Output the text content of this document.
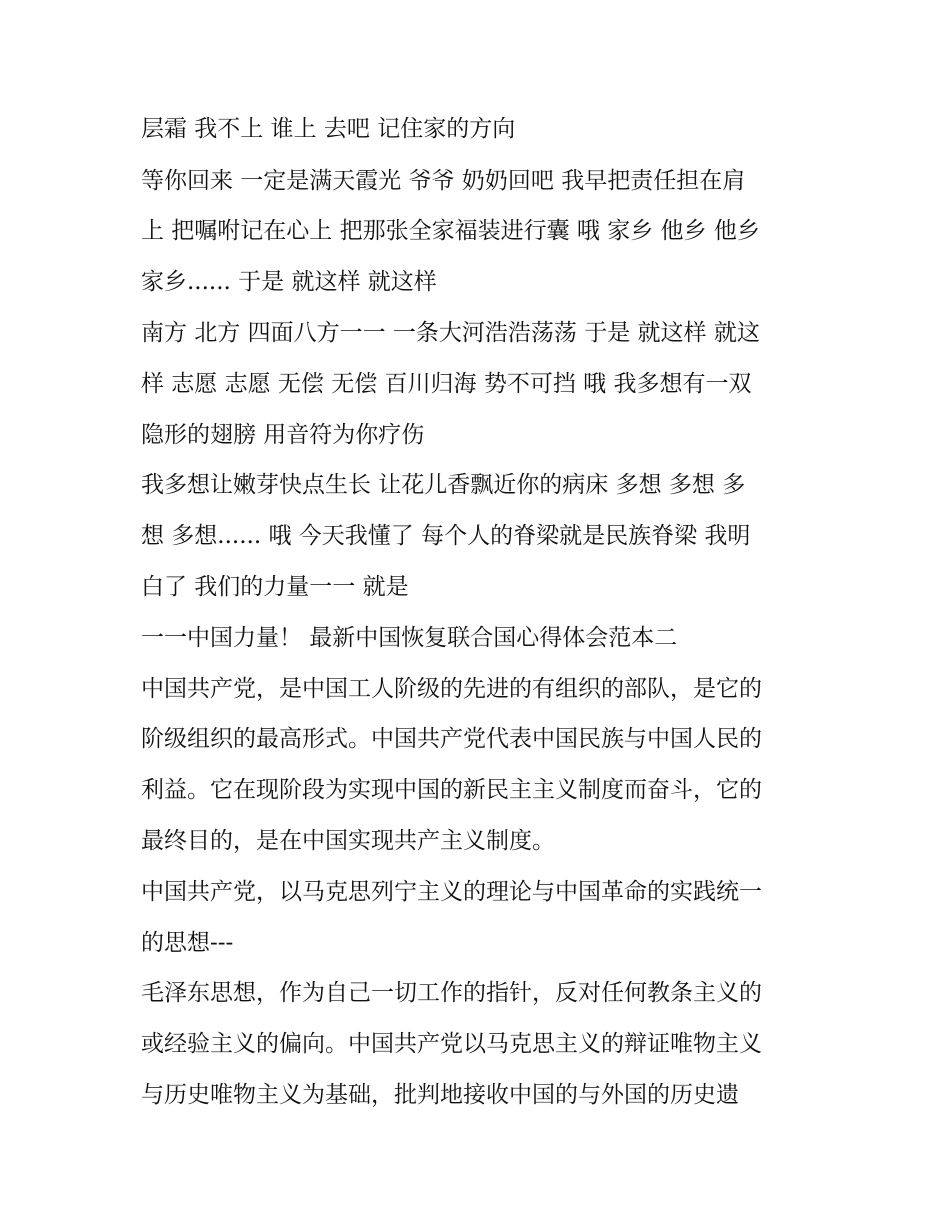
层霜 我不上 谁上 去吧 记住家的方向
等你回来 一定是满天霞光 爷爷 奶奶回吧 我早把责任担在肩
上 把嘱咐记在心上 把那张全家福装进行囊 哦 家乡 他乡 他乡
家乡...... 于是 就这样 就这样
南方 北方 四面八方一一 一条大河浩浩荡荡 于是 就这样 就这
样 志愿 志愿 无偿 无偿 百川归海 势不可挡 哦 我多想有一双
隐形的翅膀 用音符为你疗伤
我多想让嫩芽快点生长 让花儿香飘近你的病床 多想 多想 多
想 多想...... 哦 今天我懂了 每个人的脊梁就是民族脊梁 我明
白了 我们的力量一一 就是
一一中国力量！ 最新中国恢复联合国心得体会范本二
中国共产党，是中国工人阶级的先进的有组织的部队，是它的
阶级组织的最高形式。中国共产党代表中国民族与中国人民的
利益。它在现阶段为实现中国的新民主主义制度而奋斗，它的
最终目的，是在中国实现共产主义制度。
中国共产党，以马克思列宁主义的理论与中国革命的实践统一
的思想---
毛泽东思想，作为自己一切工作的指针，反对任何教条主义的
或经验主义的偏向。中国共产党以马克思主义的辩证唯物主义
与历史唯物主义为基础，批判地接收中国的与外国的历史遗
